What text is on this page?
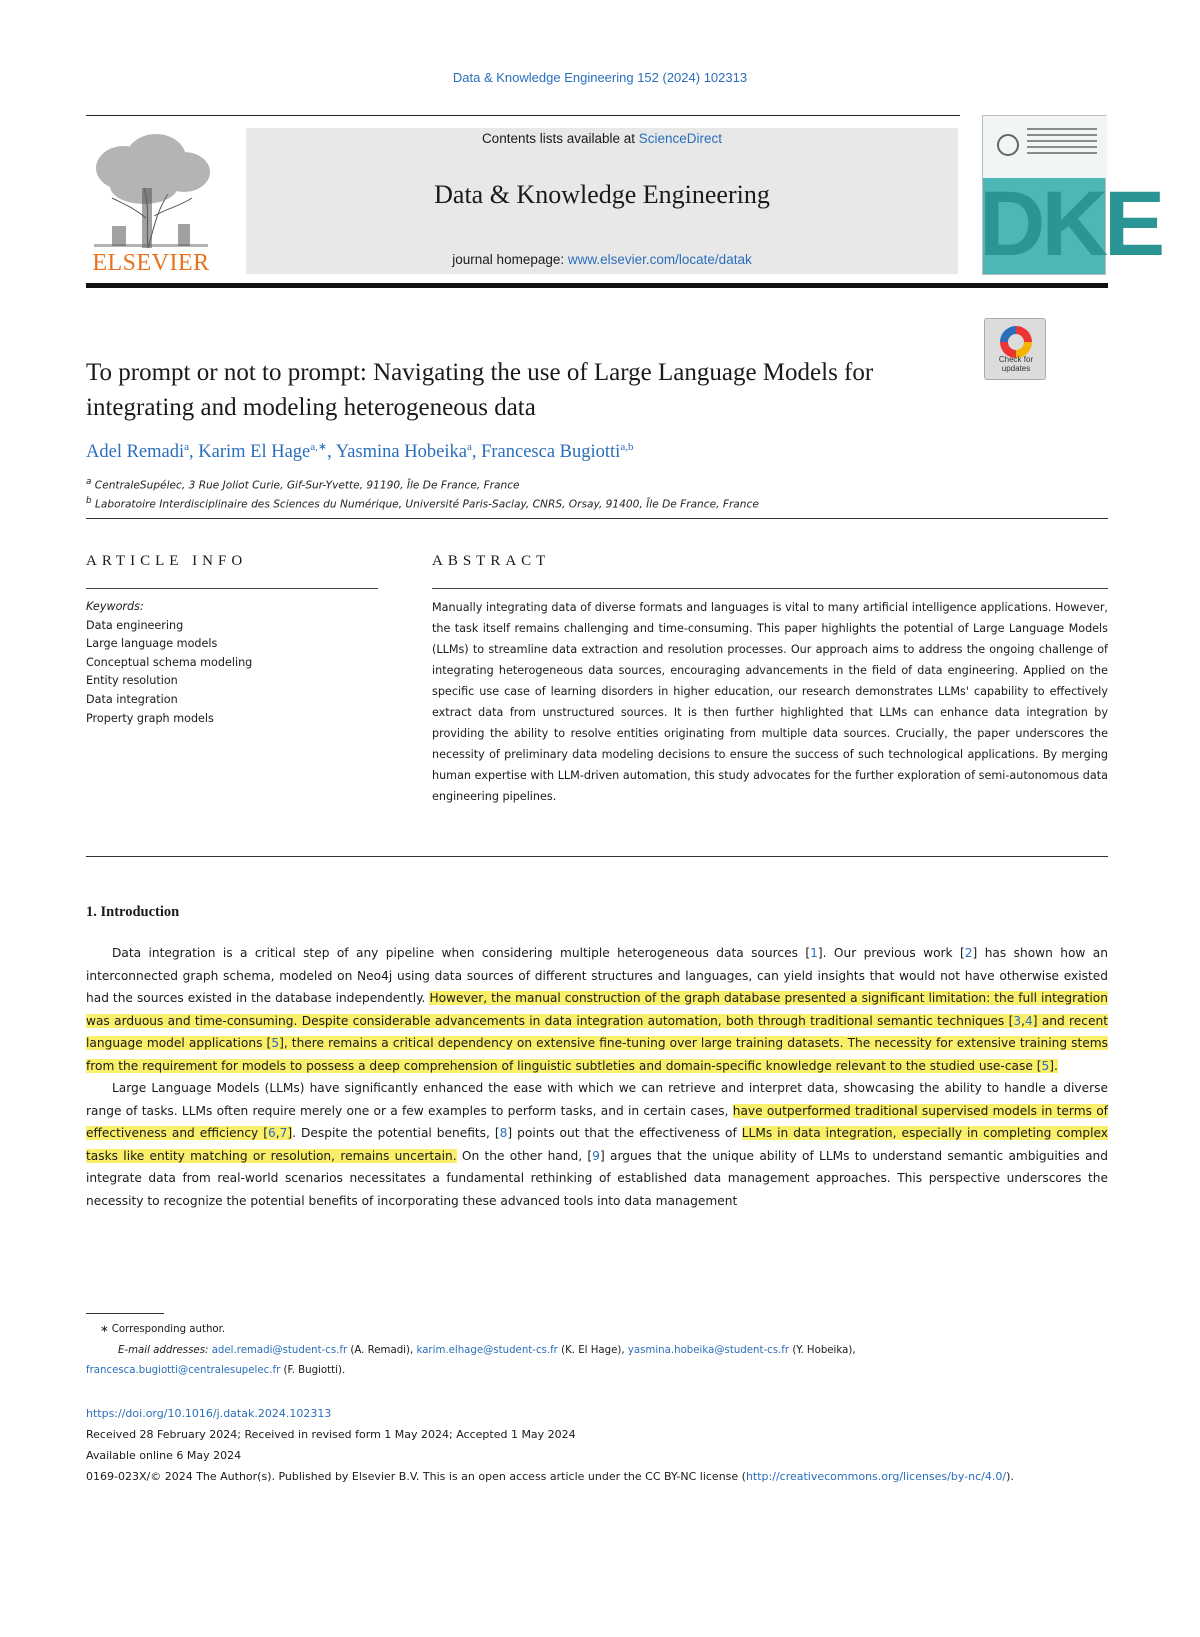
Data & Knowledge Engineering 152 (2024) 102313
ELSEVIER
Contents lists available at ScienceDirect
Data & Knowledge Engineering
journal homepage: www.elsevier.com/locate/datak	DKE
Check for updates
To prompt or not to prompt: Navigating the use of Large Language Models for integrating and modeling heterogeneous data
Adel Remadi$^a$, Karim El Hage$^{a,∗}$, Yasmina Hobeika$^a$, Francesca Bugiotti$^{a,b}$
$^a$ CentraleSupélec, 3 Rue Joliot Curie, Gif-Sur-Yvette, 91190, Île De France, France
$^b$ Laboratoire Interdisciplinaire des Sciences du Numérique, Université Paris-Saclay, CNRS, Orsay, 91400, Île De France, France
ARTICLE INFO	ABSTRACT
Keywords:
Data engineering
Large language models
Conceptual schema modeling
Entity resolution
Data integration
Property graph models
Manually integrating data of diverse formats and languages is vital to many artificial intelligence applications. However, the task itself remains challenging and time-consuming. This paper highlights the potential of Large Language Models (LLMs) to streamline data extraction and resolution processes. Our approach aims to address the ongoing challenge of integrating heterogeneous data sources, encouraging advancements in the field of data engineering. Applied on the specific use case of learning disorders in higher education, our research demonstrates LLMs' capability to effectively extract data from unstructured sources. It is then further highlighted that LLMs can enhance data integration by providing the ability to resolve entities originating from multiple data sources. Crucially, the paper underscores the necessity of preliminary data modeling decisions to ensure the success of such technological applications. By merging human expertise with LLM-driven automation, this study advocates for the further exploration of semi-autonomous data engineering pipelines.
1. Introduction

Data integration is a critical step of any pipeline when considering multiple heterogeneous data sources [1]. Our previous work [2] has shown how an interconnected graph schema, modeled on Neo4j using data sources of different structures and languages, can yield insights that would not have otherwise existed had the sources existed in the database independently. However, the manual construction of the graph database presented a significant limitation: the full integration was arduous and time-consuming. Despite considerable advancements in data integration automation, both through traditional semantic techniques [3,4] and recent language model applications [5], there remains a critical dependency on extensive fine-tuning over large training datasets. The necessity for extensive training stems from the requirement for models to possess a deep comprehension of linguistic subtleties and domain-specific knowledge relevant to the studied use-case [5].

Large Language Models (LLMs) have significantly enhanced the ease with which we can retrieve and interpret data, showcasing the ability to handle a diverse range of tasks. LLMs often require merely one or a few examples to perform tasks, and in certain cases, have outperformed traditional supervised models in terms of effectiveness and efficiency [6,7]. Despite the potential benefits, [8] points out that the effectiveness of LLMs in data integration, especially in completing complex tasks like entity matching or resolution, remains uncertain. On the other hand, [9] argues that the unique ability of LLMs to understand semantic ambiguities and integrate data from real-world scenarios necessitates a fundamental rethinking of established data management approaches. This perspective underscores the necessity to recognize the potential benefits of incorporating these advanced tools into data management

∗ Corresponding author.
E-mail addresses: adel.remadi@student-cs.fr (A. Remadi), karim.elhage@student-cs.fr (K. El Hage), yasmina.hobeika@student-cs.fr (Y. Hobeika),
francesca.bugiotti@centralesupelec.fr (F. Bugiotti).
https://doi.org/10.1016/j.datak.2024.102313
Received 28 February 2024; Received in revised form 1 May 2024; Accepted 1 May 2024
Available online 6 May 2024
0169-023X/© 2024 The Author(s). Published by Elsevier B.V. This is an open access article under the CC BY-NC license (http://creativecommons.org/licenses/by-nc/4.0/).
